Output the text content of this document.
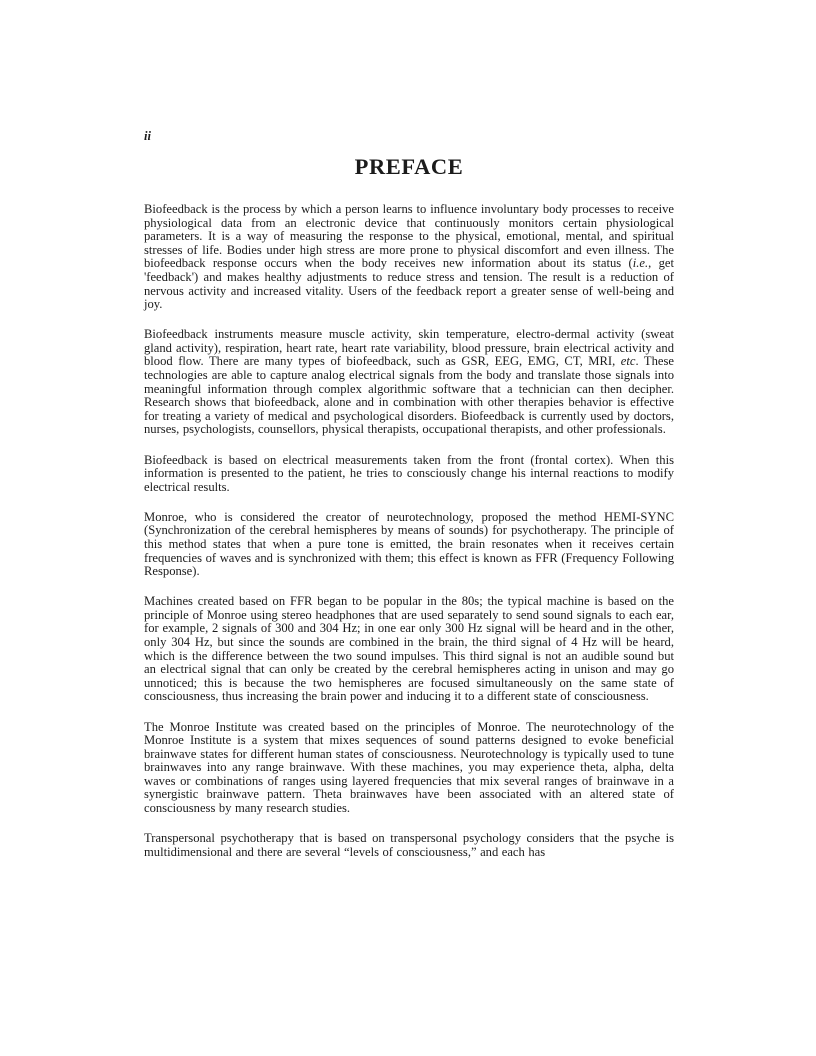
ii
PREFACE

Biofeedback is the process by which a person learns to influence involuntary body processes to receive physiological data from an electronic device that continuously monitors certain physiological parameters. It is a way of measuring the response to the physical, emotional, mental, and spiritual stresses of life. Bodies under high stress are more prone to physical discomfort and even illness. The biofeedback response occurs when the body receives new information about its status (i.e., get 'feedback') and makes healthy adjustments to reduce stress and tension. The result is a reduction of nervous activity and increased vitality. Users of the feedback report a greater sense of well-being and joy.

Biofeedback instruments measure muscle activity, skin temperature, electro-dermal activity (sweat gland activity), respiration, heart rate, heart rate variability, blood pressure, brain electrical activity and blood flow. There are many types of biofeedback, such as GSR, EEG, EMG, CT, MRI, etc. These technologies are able to capture analog electrical signals from the body and translate those signals into meaningful information through complex algorithmic software that a technician can then decipher. Research shows that biofeedback, alone and in combination with other therapies behavior is effective for treating a variety of medical and psychological disorders. Biofeedback is currently used by doctors, nurses, psychologists, counsellors, physical therapists, occupational therapists, and other professionals.

Biofeedback is based on electrical measurements taken from the front (frontal cortex). When this information is presented to the patient, he tries to consciously change his internal reactions to modify electrical results.

Monroe, who is considered the creator of neurotechnology, proposed the method HEMI-SYNC (Synchronization of the cerebral hemispheres by means of sounds) for psychotherapy. The principle of this method states that when a pure tone is emitted, the brain resonates when it receives certain frequencies of waves and is synchronized with them; this effect is known as FFR (Frequency Following Response).

Machines created based on FFR began to be popular in the 80s; the typical machine is based on the principle of Monroe using stereo headphones that are used separately to send sound signals to each ear, for example, 2 signals of 300 and 304 Hz; in one ear only 300 Hz signal will be heard and in the other, only 304 Hz, but since the sounds are combined in the brain, the third signal of 4 Hz will be heard, which is the difference between the two sound impulses. This third signal is not an audible sound but an electrical signal that can only be created by the cerebral hemispheres acting in unison and may go unnoticed; this is because the two hemispheres are focused simultaneously on the same state of consciousness, thus increasing the brain power and inducing it to a different state of consciousness.

The Monroe Institute was created based on the principles of Monroe. The neurotechnology of the Monroe Institute is a system that mixes sequences of sound patterns designed to evoke beneficial brainwave states for different human states of consciousness. Neurotechnology is typically used to tune brainwaves into any range brainwave. With these machines, you may experience theta, alpha, delta waves or combinations of ranges using layered frequencies that mix several ranges of brainwave in a synergistic brainwave pattern. Theta brainwaves have been associated with an altered state of consciousness by many research studies.

Transpersonal psychotherapy that is based on transpersonal psychology considers that the psyche is multidimensional and there are several “levels of consciousness,” and each has
